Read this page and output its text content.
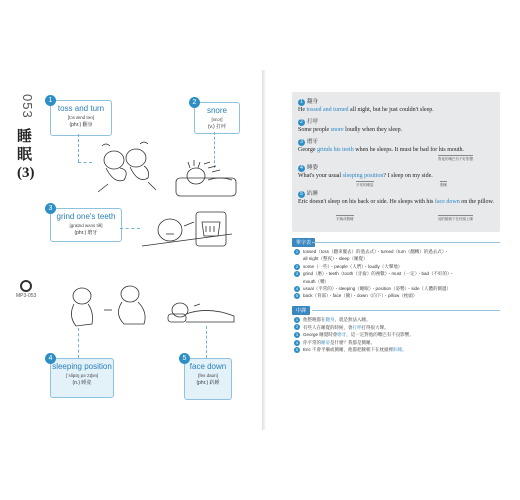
053
睡眠(3)
MP3-053
1
toss and turn
[tɔs ænd tɝn]
(phr.) 翻身
2
snore
[snɔr]
(v.) 打呼
3
grind one's teeth
[graɪnd wʌns tiθ]
(phr.) 磨牙
4
sleeping position
[ˈslipɪŋ pəˈzɪʃən]
(n.) 睡姿
5
face down
[fes daʊn]
(phr.) 趴睡
1 翻身
He tossed and turned all night, but he just couldn't sleep.
2 打呼
Some people snore loudly when they sleep.
3 磨牙
George grinds his teeth when he sleeps. It must be bad for his mouth.
對他的嘴巴有不好影響
4 睡姿
What's your usual sleeping position? I sleep on my side.
平常的睡姿	側睡
5 趴睡
Eric doesn't sleep on his back or side. He sleeps with his face down on the pillow.
平躺或側睡	他的臉朝下在枕頭上睡
單字表
1 tossed（toss（翻來覆去）的過去式）・turned（turn（翻轉）的過去式）・
all night（整夜）・sleep（睡覺）
2 some（一些）・people（人們）・loudly（大聲地）
3 grind（磨）・teeth（tooth（牙齒）的複數）・must（一定）・bad（不好的）・
mouth（嘴）
4 usual（平常的）・sleeping（睡眠）・position（姿勢）・side（人體的側邊）
5 back（背部）・face（臉）・down（向下）・pillow（枕頭）
中譯
1 他整晚都在翻身，就是無法入睡。
2 有些人在睡覺的時候，會打呼打得很大聲。
3 George 睡覺時會磨牙，這一定對他的嘴巴有不良影響。
4 你平常的睡姿是什麼？我都是側睡。
5 Eric 不會平躺或側睡，他都把臉朝下在枕頭裡趴睡。
